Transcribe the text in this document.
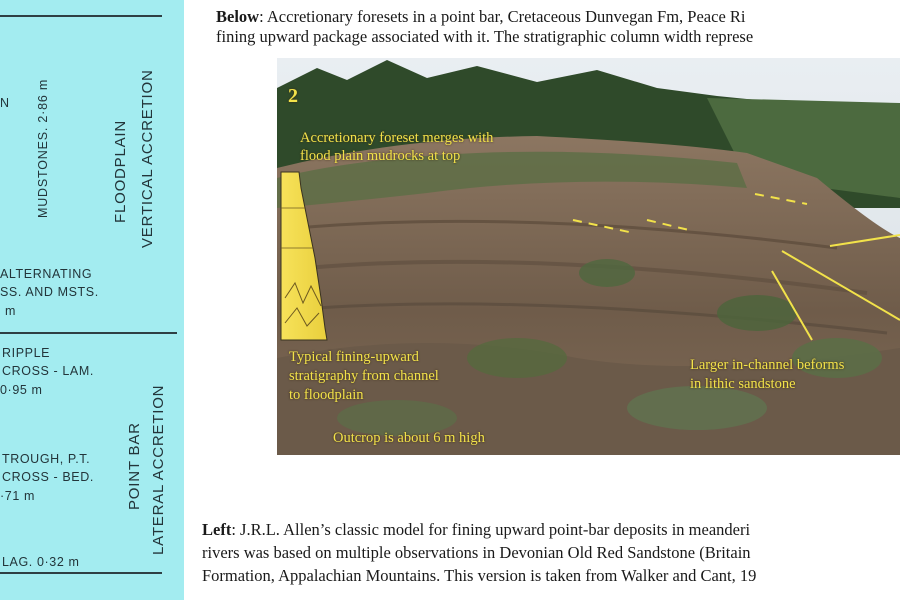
N MUDSTONES. 2·86 m
ALTERNATING
SS. AND MSTS.
m
RIPPLE
CROSS - LAM.
0·95 m
TROUGH, P.T.
CROSS - BED.
·71 m
LAG. 0·32 m
FLOODPLAIN VERTICAL ACCRETION
POINT BAR LATERAL ACCRETION
Below: Accretionary foresets in a point bar, Cretaceous Dunvegan Fm, Peace Ri
fining upward package associated with it. The stratigraphic column width represe
2
Accretionary foreset merges with
flood plain mudrocks at top
Typical fining-upward
stratigraphy from channel
to floodplain
Outcrop is about 6 m high
Larger in-channel beforms
in lithic sandstone
Left: J.R.L. Allen’s classic model for fining upward point-bar deposits in meanderi
rivers was based on multiple observations in Devonian Old Red Sandstone (Britain
Formation, Appalachian Mountains. This version is taken from Walker and Cant, 19
